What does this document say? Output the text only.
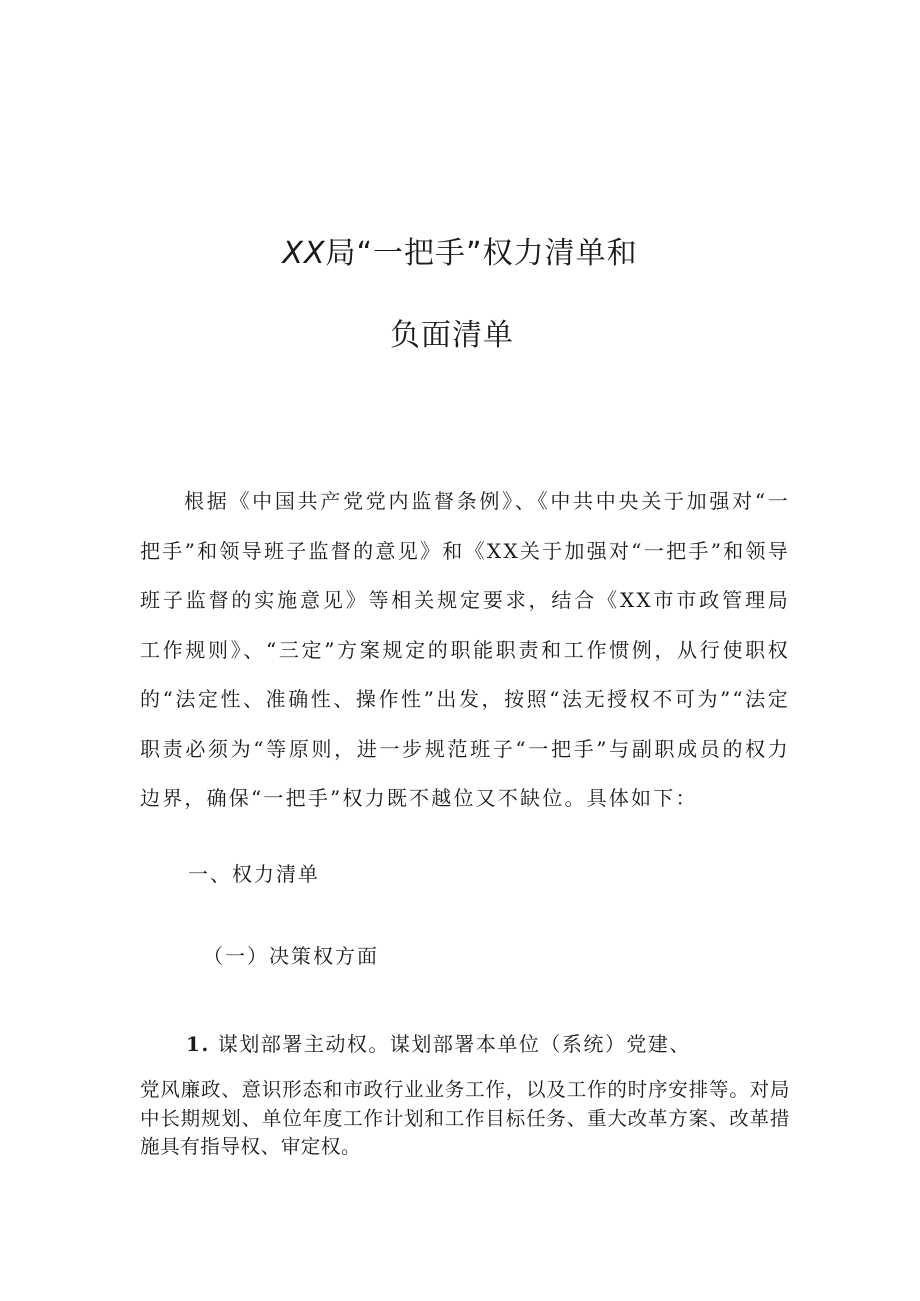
XX局“一把手”权力清单和
负面清单

根据《中国共产党党内监督条例》、《中共中央关于加强对“一把手”和领导班子监督的意见》和《XX关于加强对“一把手”和领导班子监督的实施意见》等相关规定要求，结合《XX市市政管理局工作规则》、“三定”方案规定的职能职责和工作惯例，从行使职权的“法定性、准确性、操作性”出发，按照“法无授权不可为”“法定职责必须为“等原则，进一步规范班子“一把手”与副职成员的权力边界，确保“一把手”权力既不越位又不缺位。具体如下：

一、权力清单
（一）决策权方面
1. 谋划部署主动权。谋划部署本单位（系统）党建、

党风廉政、意识形态和市政行业业务工作，以及工作的时序安排等。对局中长期规划、单位年度工作计划和工作目标任务、重大改革方案、改革措施具有指导权、审定权。
